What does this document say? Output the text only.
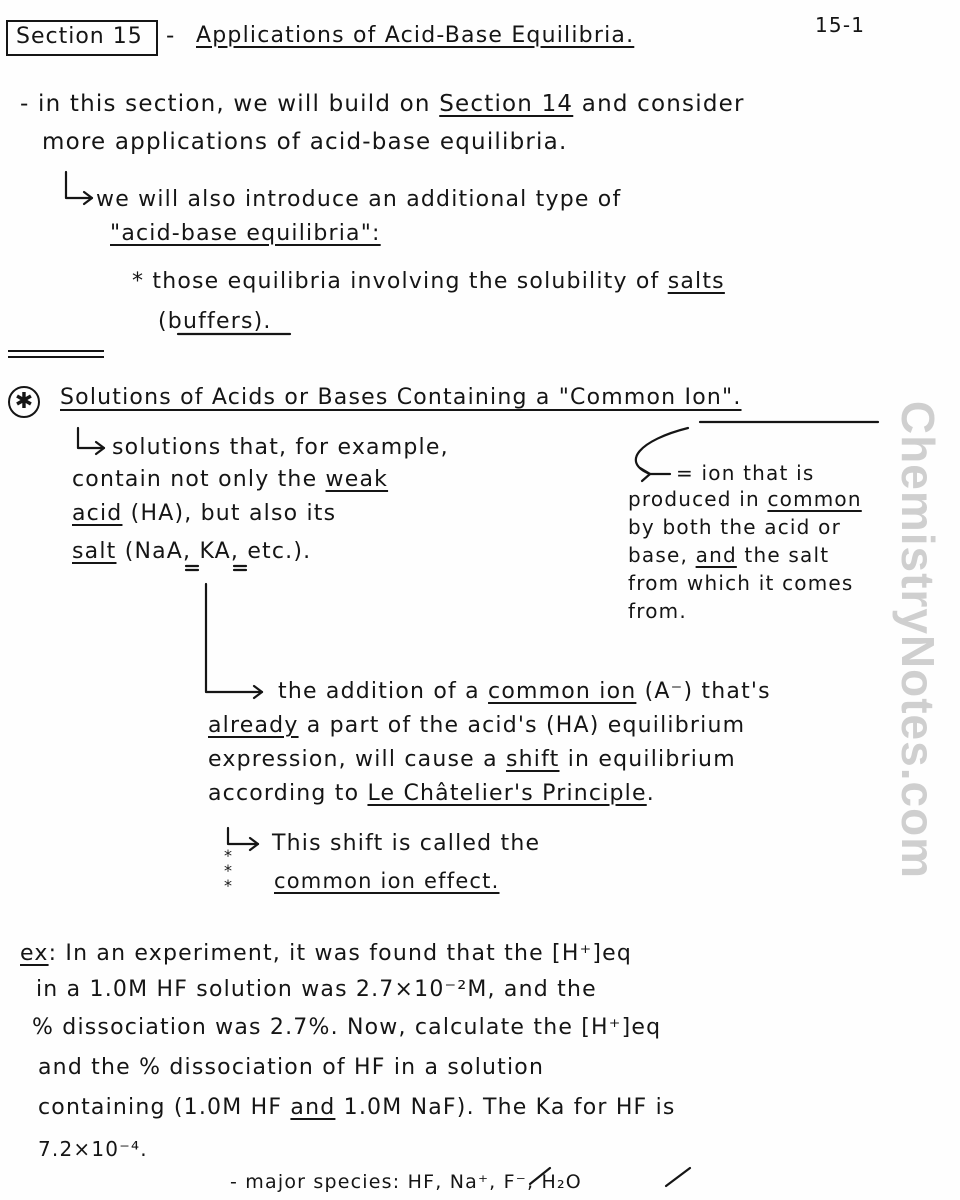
Section 15 - Applications of Acid-Base Equilibria.	15-1
- in this section, we will build on Section 14 and consider
more applications of acid-base equilibria.
we will also introduce an additional type of
"acid-base equilibria":
* those equilibria involving the solubility of salts
(buffers).
✱	Solutions of Acids or Bases Containing a "Common Ion".
solutions that, for example,
contain not only the weak
acid (HA), but also its
salt (NaA, KA, etc.).
= ion that is
produced in common
by both the acid or
base, and the salt
from which it comes
from.
the addition of a common ion (A⁻) that's
already a part of the acid's (HA) equilibrium
expression, will cause a shift in equilibrium
according to Le Châtelier's Principle.
This shift is called the
common ion effect.
*
*
*
ex: In an experiment, it was found that the [H⁺]eq
in a 1.0M HF solution was 2.7×10⁻²M, and the
% dissociation was 2.7%. Now, calculate the [H⁺]eq
and the % dissociation of HF in a solution
containing (1.0M HF and 1.0M NaF). The Ka for HF is
7.2×10⁻⁴.
- major species: HF, Na⁺, F⁻, H₂O
ChemistryNotes.com
